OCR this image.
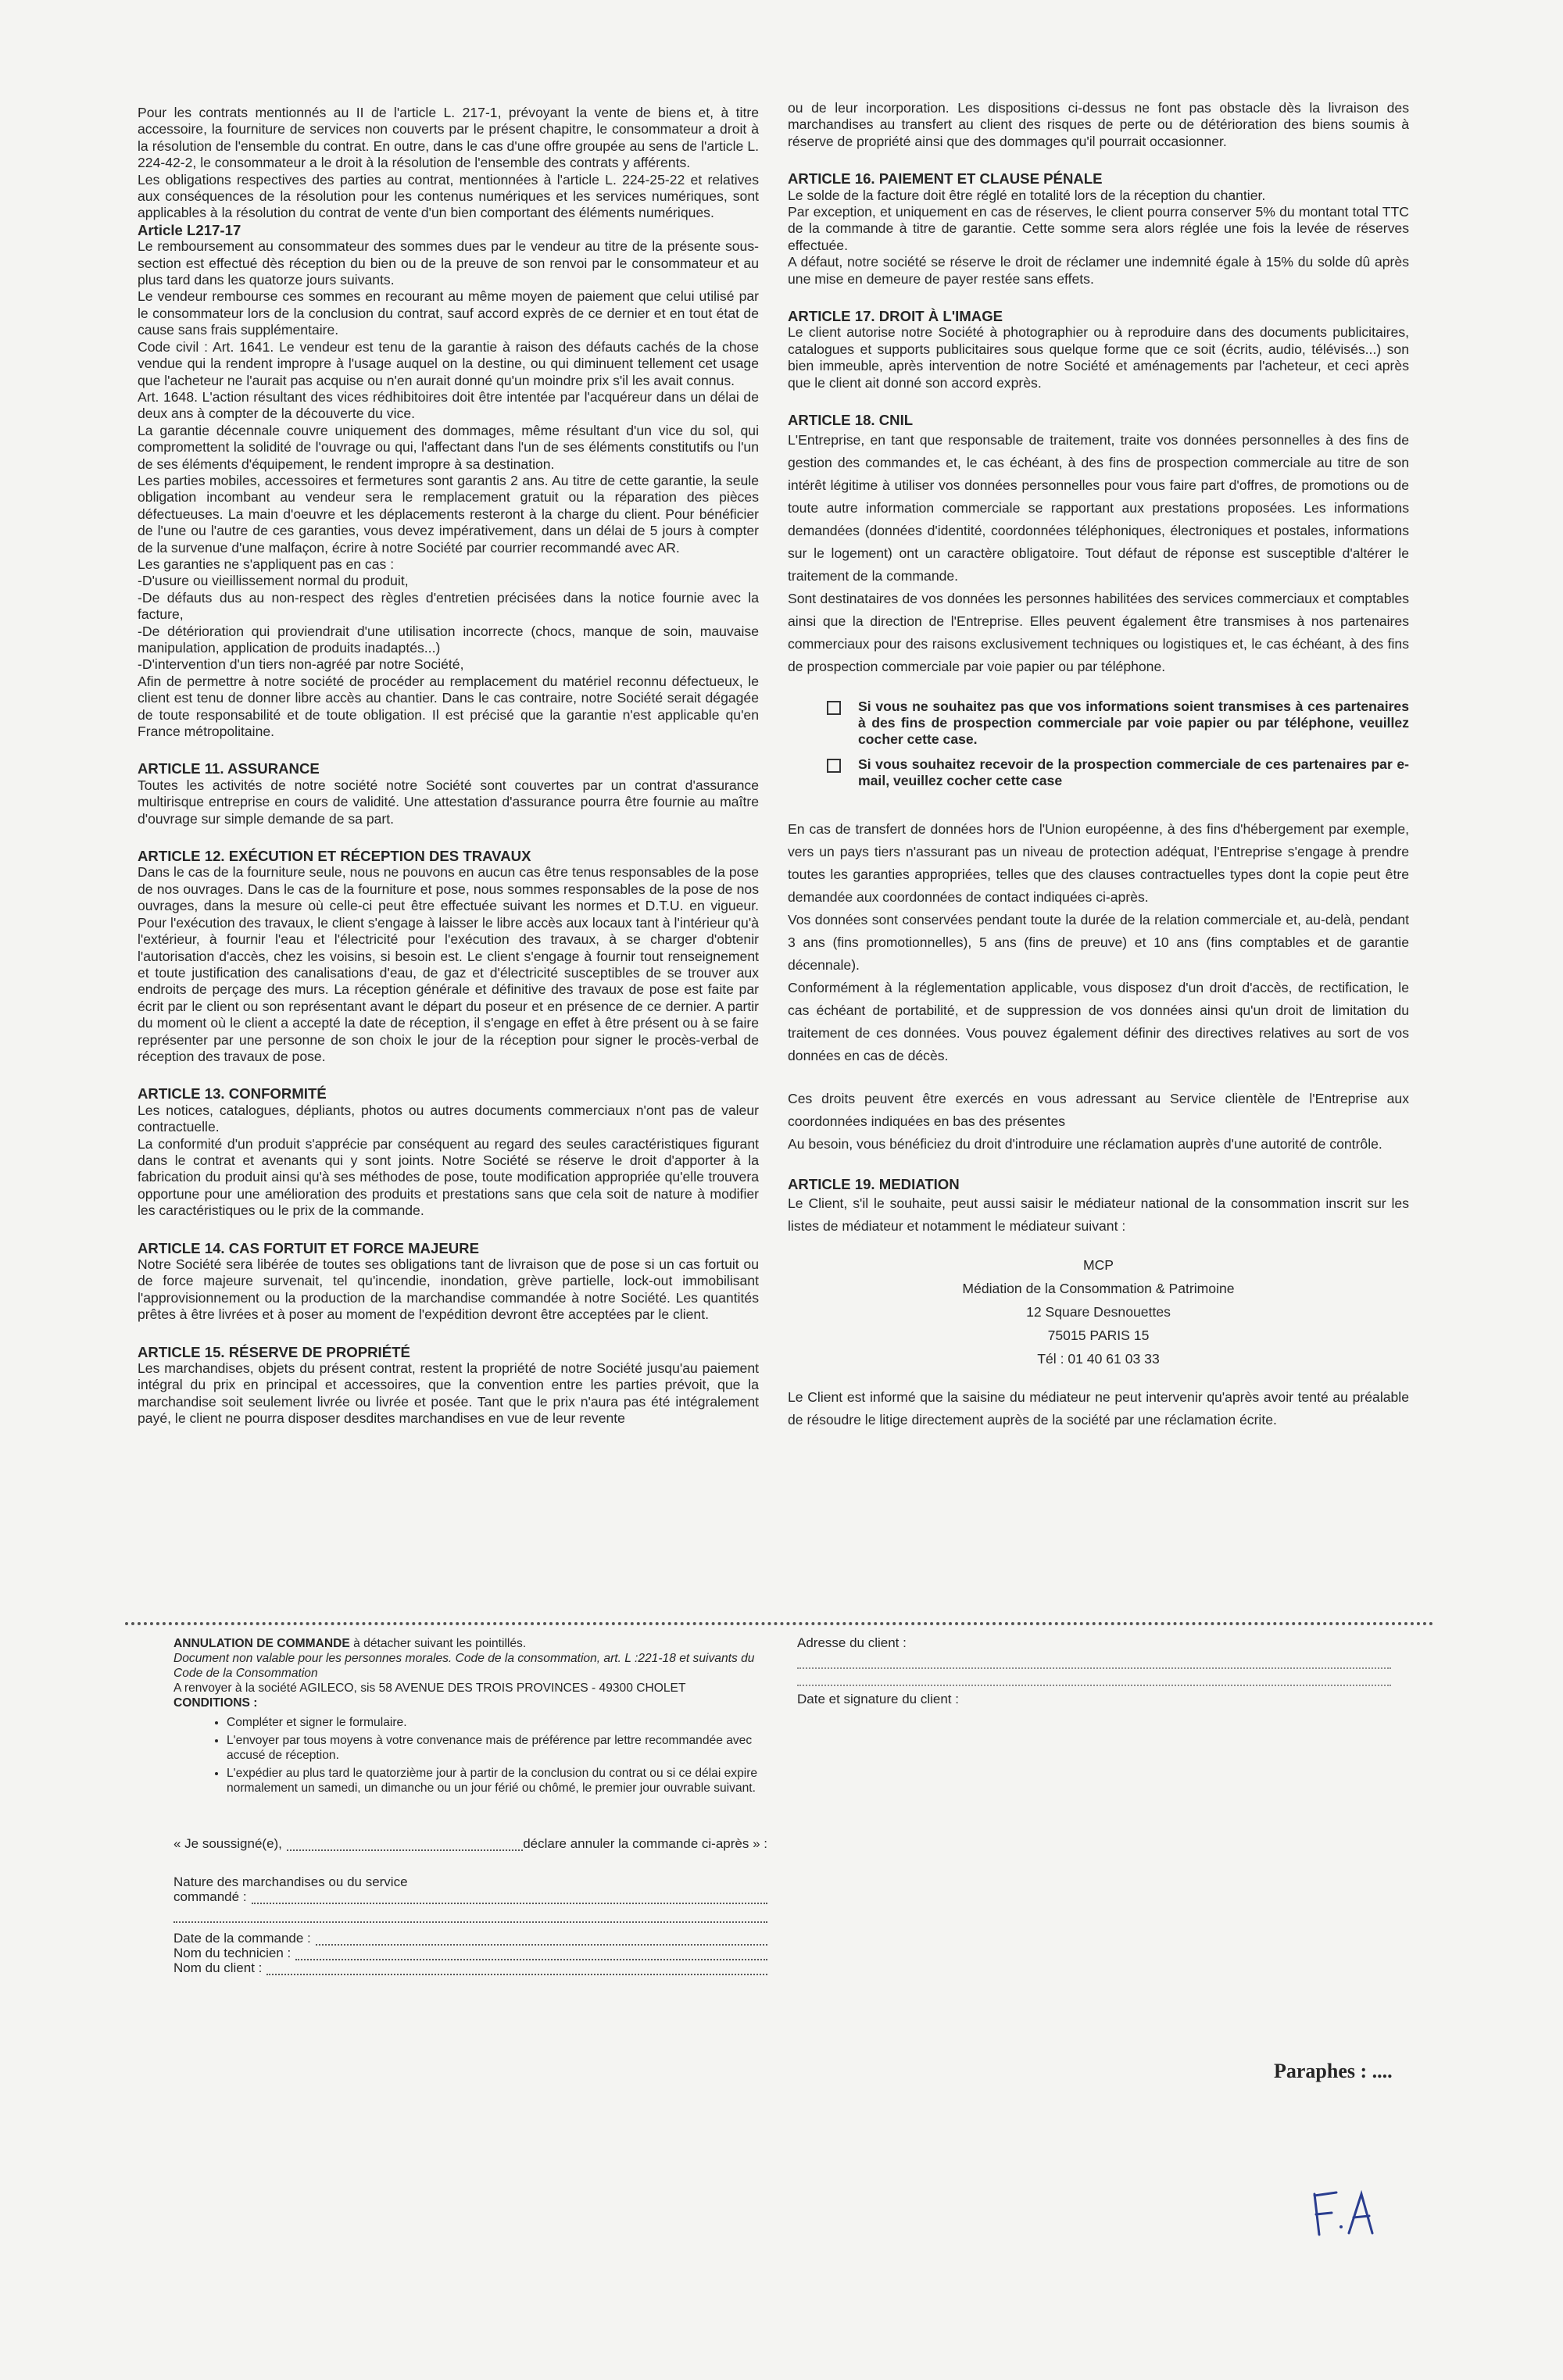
Pour les contrats mentionnés au II de l'article L. 217-1, prévoyant la vente de biens et, à titre accessoire, la fourniture de services non couverts par le présent chapitre, le consommateur a droit à la résolution de l'ensemble du contrat. En outre, dans le cas d'une offre groupée au sens de l'article L. 224-42-2, le consommateur a le droit à la résolution de l'ensemble des contrats y afférents.

Les obligations respectives des parties au contrat, mentionnées à l'article L. 224-25-22 et relatives aux conséquences de la résolution pour les contenus numériques et les services numériques, sont applicables à la résolution du contrat de vente d'un bien comportant des éléments numériques.

Article L217-17

Le remboursement au consommateur des sommes dues par le vendeur au titre de la présente sous-section est effectué dès réception du bien ou de la preuve de son renvoi par le consommateur et au plus tard dans les quatorze jours suivants.

Le vendeur rembourse ces sommes en recourant au même moyen de paiement que celui utilisé par le consommateur lors de la conclusion du contrat, sauf accord exprès de ce dernier et en tout état de cause sans frais supplémentaire.

Code civil : Art. 1641. Le vendeur est tenu de la garantie à raison des défauts cachés de la chose vendue qui la rendent impropre à l'usage auquel on la destine, ou qui diminuent tellement cet usage que l'acheteur ne l'aurait pas acquise ou n'en aurait donné qu'un moindre prix s'il les avait connus.

Art. 1648. L'action résultant des vices rédhibitoires doit être intentée par l'acquéreur dans un délai de deux ans à compter de la découverte du vice.

La garantie décennale couvre uniquement des dommages, même résultant d'un vice du sol, qui compromettent la solidité de l'ouvrage ou qui, l'affectant dans l'un de ses éléments constitutifs ou l'un de ses éléments d'équipement, le rendent impropre à sa destination.

Les parties mobiles, accessoires et fermetures sont garantis 2 ans. Au titre de cette garantie, la seule obligation incombant au vendeur sera le remplacement gratuit ou la réparation des pièces défectueuses. La main d'oeuvre et les déplacements resteront à la charge du client. Pour bénéficier de l'une ou l'autre de ces garanties, vous devez impérativement, dans un délai de 5 jours à compter de la survenue d'une malfaçon, écrire à notre Société par courrier recommandé avec AR.

Les garanties ne s'appliquent pas en cas :

-D'usure ou vieillissement normal du produit,

-De défauts dus au non-respect des règles d'entretien précisées dans la notice fournie avec la facture,

-De détérioration qui proviendrait d'une utilisation incorrecte (chocs, manque de soin, mauvaise manipulation, application de produits inadaptés...)

-D'intervention d'un tiers non-agréé par notre Société,

Afin de permettre à notre société de procéder au remplacement du matériel reconnu défectueux, le client est tenu de donner libre accès au chantier. Dans le cas contraire, notre Société serait dégagée de toute responsabilité et de toute obligation. Il est précisé que la garantie n'est applicable qu'en France métropolitaine.

ARTICLE 11. ASSURANCE

Toutes les activités de notre société notre Société sont couvertes par un contrat d'assurance multirisque entreprise en cours de validité. Une attestation d'assurance pourra être fournie au maître d'ouvrage sur simple demande de sa part.

ARTICLE 12. EXÉCUTION ET RÉCEPTION DES TRAVAUX

Dans le cas de la fourniture seule, nous ne pouvons en aucun cas être tenus responsables de la pose de nos ouvrages. Dans le cas de la fourniture et pose, nous sommes responsables de la pose de nos ouvrages, dans la mesure où celle-ci peut être effectuée suivant les normes et D.T.U. en vigueur. Pour l'exécution des travaux, le client s'engage à laisser le libre accès aux locaux tant à l'intérieur qu'à l'extérieur, à fournir l'eau et l'électricité pour l'exécution des travaux, à se charger d'obtenir l'autorisation d'accès, chez les voisins, si besoin est. Le client s'engage à fournir tout renseignement et toute justification des canalisations d'eau, de gaz et d'électricité susceptibles de se trouver aux endroits de perçage des murs. La réception générale et définitive des travaux de pose est faite par écrit par le client ou son représentant avant le départ du poseur et en présence de ce dernier. A partir du moment où le client a accepté la date de réception, il s'engage en effet à être présent ou à se faire représenter par une personne de son choix le jour de la réception pour signer le procès-verbal de réception des travaux de pose.

ARTICLE 13. CONFORMITÉ

Les notices, catalogues, dépliants, photos ou autres documents commerciaux n'ont pas de valeur contractuelle.

La conformité d'un produit s'apprécie par conséquent au regard des seules caractéristiques figurant dans le contrat et avenants qui y sont joints. Notre Société se réserve le droit d'apporter à la fabrication du produit ainsi qu'à ses méthodes de pose, toute modification appropriée qu'elle trouvera opportune pour une amélioration des produits et prestations sans que cela soit de nature à modifier les caractéristiques ou le prix de la commande.

ARTICLE 14. CAS FORTUIT ET FORCE MAJEURE

Notre Société sera libérée de toutes ses obligations tant de livraison que de pose si un cas fortuit ou de force majeure survenait, tel qu'incendie, inondation, grève partielle, lock-out immobilisant l'approvisionnement ou la production de la marchandise commandée à notre Société. Les quantités prêtes à être livrées et à poser au moment de l'expédition devront être acceptées par le client.

ARTICLE 15. RÉSERVE DE PROPRIÉTÉ

Les marchandises, objets du présent contrat, restent la propriété de notre Société jusqu'au paiement intégral du prix en principal et accessoires, que la convention entre les parties prévoit, que la marchandise soit seulement livrée ou livrée et posée. Tant que le prix n'aura pas été intégralement payé, le client ne pourra disposer desdites marchandises en vue de leur revente

ou de leur incorporation. Les dispositions ci-dessus ne font pas obstacle dès la livraison des marchandises au transfert au client des risques de perte ou de détérioration des biens soumis à réserve de propriété ainsi que des dommages qu'il pourrait occasionner.

ARTICLE 16. PAIEMENT ET CLAUSE PÉNALE

Le solde de la facture doit être réglé en totalité lors de la réception du chantier.

Par exception, et uniquement en cas de réserves, le client pourra conserver 5% du montant total TTC de la commande à titre de garantie. Cette somme sera alors réglée une fois la levée de réserves effectuée.

A défaut, notre société se réserve le droit de réclamer une indemnité égale à 15% du solde dû après une mise en demeure de payer restée sans effets.

ARTICLE 17. DROIT À L'IMAGE

Le client autorise notre Société à photographier ou à reproduire dans des documents publicitaires, catalogues et supports publicitaires sous quelque forme que ce soit (écrits, audio, télévisés...) son bien immeuble, après intervention de notre Société et aménagements par l'acheteur, et ceci après que le client ait donné son accord exprès.

ARTICLE 18. CNIL

L'Entreprise, en tant que responsable de traitement, traite vos données personnelles à des fins de gestion des commandes et, le cas échéant, à des fins de prospection commerciale au titre de son intérêt légitime à utiliser vos données personnelles pour vous faire part d'offres, de promotions ou de toute autre information commerciale se rapportant aux prestations proposées. Les informations demandées (données d'identité, coordonnées téléphoniques, électroniques et postales, informations sur le logement) ont un caractère obligatoire. Tout défaut de réponse est susceptible d'altérer le traitement de la commande.

Sont destinataires de vos données les personnes habilitées des services commerciaux et comptables ainsi que la direction de l'Entreprise. Elles peuvent également être transmises à nos partenaires commerciaux pour des raisons exclusivement techniques ou logistiques et, le cas échéant, à des fins de prospection commerciale par voie papier ou par téléphone.

Si vous ne souhaitez pas que vos informations soient transmises à ces partenaires à des fins de prospection commerciale par voie papier ou par téléphone, veuillez cocher cette case.
Si vous souhaitez recevoir de la prospection commerciale de ces partenaires par e-mail, veuillez cocher cette case

En cas de transfert de données hors de l'Union européenne, à des fins d'hébergement par exemple, vers un pays tiers n'assurant pas un niveau de protection adéquat, l'Entreprise s'engage à prendre toutes les garanties appropriées, telles que des clauses contractuelles types dont la copie peut être demandée aux coordonnées de contact indiquées ci-après.

Vos données sont conservées pendant toute la durée de la relation commerciale et, au-delà, pendant 3 ans (fins promotionnelles), 5 ans (fins de preuve) et 10 ans (fins comptables et de garantie décennale).

Conformément à la réglementation applicable, vous disposez d'un droit d'accès, de rectification, le cas échéant de portabilité, et de suppression de vos données ainsi qu'un droit de limitation du traitement de ces données. Vous pouvez également définir des directives relatives au sort de vos données en cas de décès.

Ces droits peuvent être exercés en vous adressant au Service clientèle de l'Entreprise aux coordonnées indiquées en bas des présentes

Au besoin, vous bénéficiez du droit d'introduire une réclamation auprès d'une autorité de contrôle.

ARTICLE 19. MEDIATION

Le Client, s'il le souhaite, peut aussi saisir le médiateur national de la consommation inscrit sur les listes de médiateur et notamment le médiateur suivant :

MCP
Médiation de la Consommation & Patrimoine
12 Square Desnouettes
75015 PARIS 15
Tél : 01 40 61 03 33

Le Client est informé que la saisine du médiateur ne peut intervenir qu'après avoir tenté au préalable de résoudre le litige directement auprès de la société par une réclamation écrite.

ANNULATION DE COMMANDE à détacher suivant les pointillés.

Document non valable pour les personnes morales. Code de la consommation, art. L :221-18 et suivants du Code de la Consommation

A renvoyer à la société AGILECO, sis 58 AVENUE DES TROIS PROVINCES - 49300 CHOLET

CONDITIONS :

• Compléter et signer le formulaire.
• L'envoyer par tous moyens à votre convenance mais de préférence par lettre recommandée avec accusé de réception.
• L'expédier au plus tard le quatorzième jour à partir de la conclusion du contrat ou si ce délai expire normalement un samedi, un dimanche ou un jour férié ou chômé, le premier jour ouvrable suivant.

« Je soussigné(e),	déclare annuler la commande ci-après » :

Nature des marchandises ou du service

commandé :

Date de la commande :

Nom du technicien :

Nom du client :

Adresse du client :

Date et signature du client :

Paraphes : ....
